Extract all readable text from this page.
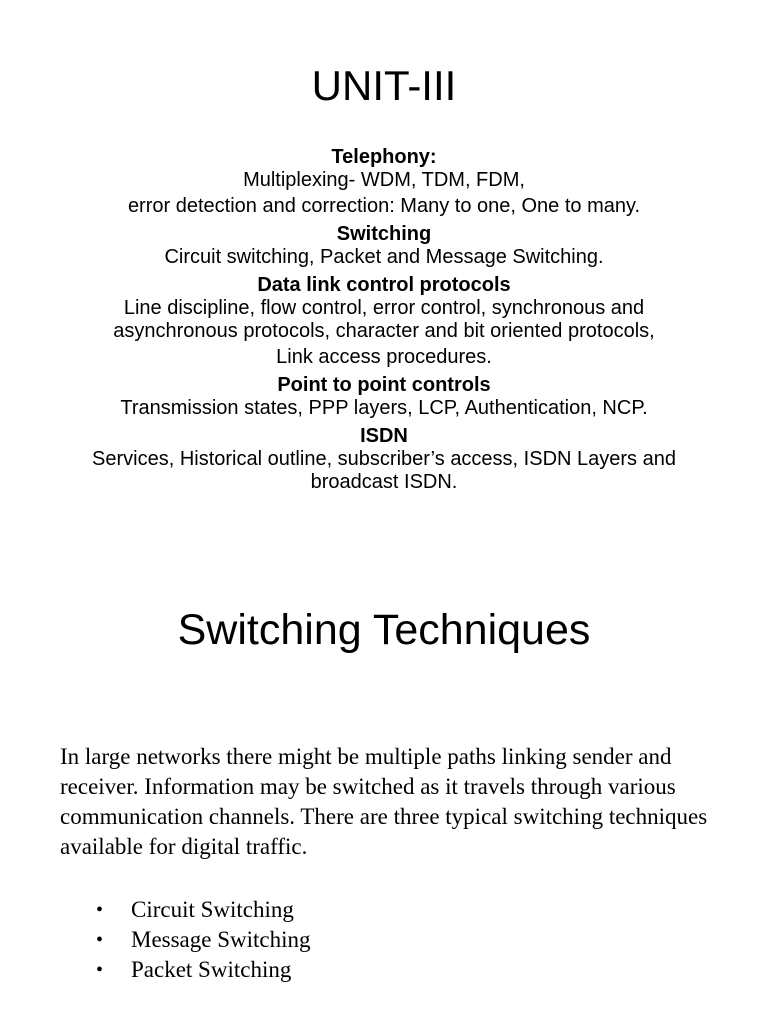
UNIT-III

Telephony:

Multiplexing- WDM, TDM, FDM,

error detection and correction: Many to one, One to many.

Switching

Circuit switching, Packet and Message Switching.

Data link control protocols

Line discipline, flow control, error control, synchronous and

asynchronous protocols, character and bit oriented protocols,

Link access procedures.

Point to point controls

Transmission states, PPP layers, LCP, Authentication, NCP.

ISDN

Services, Historical outline, subscriber’s access, ISDN Layers and

broadcast ISDN.

Switching Techniques

In large networks there might be multiple paths linking sender and receiver. Information may be switched as it travels through various communication channels. There are three typical switching techniques available for digital traffic.

• Circuit Switching
• Message Switching
• Packet Switching
